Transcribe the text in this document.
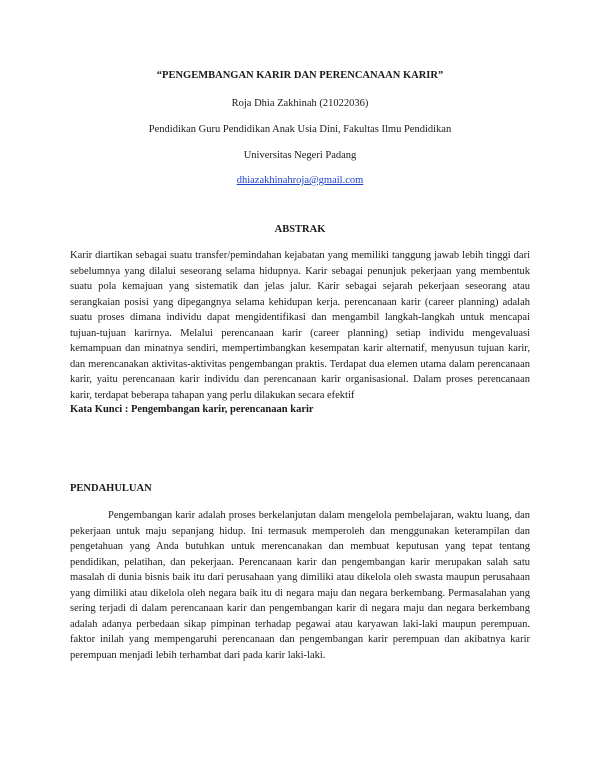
“PENGEMBANGAN KARIR DAN PERENCANAAN KARIR”
Roja Dhia Zakhinah (21022036)
Pendidikan Guru Pendidikan Anak Usia Dini, Fakultas Ilmu Pendidikan
Universitas Negeri Padang
dhiazakhinahroja@gmail.com
ABSTRAK
Karir diartikan sebagai suatu transfer/pemindahan kejabatan yang memiliki tanggung jawab lebih tinggi dari sebelumnya yang dilalui seseorang selama hidupnya. Karir sebagai penunjuk pekerjaan yang membentuk suatu pola kemajuan yang sistematik dan jelas jalur. Karir sebagai sejarah pekerjaan seseorang atau serangkaian posisi yang dipegangnya selama kehidupan kerja. perencanaan karir (career planning) adalah suatu proses dimana individu dapat mengidentifikasi dan mengambil langkah-langkah untuk mencapai tujuan-tujuan karirnya. Melalui perencanaan karir (career planning) setiap individu mengevaluasi kemampuan dan minatnya sendiri, mempertimbangkan kesempatan karir alternatif, menyusun tujuan karir, dan merencanakan aktivitas-aktivitas pengembangan praktis. Terdapat dua elemen utama dalam perencanaan karir, yaitu perencanaan karir individu dan perencanaan karir organisasional. Dalam proses perencanaan karir, terdapat beberapa tahapan yang perlu dilakukan secara efektif
Kata Kunci : Pengembangan karir, perencanaan karir
PENDAHULUAN
Pengembangan karir adalah proses berkelanjutan dalam mengelola pembelajaran, waktu luang, dan pekerjaan untuk maju sepanjang hidup. Ini termasuk memperoleh dan menggunakan keterampilan dan pengetahuan yang Anda butuhkan untuk merencanakan dan membuat keputusan yang tepat tentang pendidikan, pelatihan, dan pekerjaan. Perencanaan karir dan pengembangan karir merupakan salah satu masalah di dunia bisnis baik itu dari perusahaan yang dimiliki atau dikelola oleh swasta maupun perusahaan yang dimiliki atau dikelola oleh negara baik itu di negara maju dan negara berkembang. Permasalahan yang sering terjadi di dalam perencanaan karir dan pengembangan karir di negara maju dan negara berkembang adalah adanya perbedaan sikap pimpinan terhadap pegawai atau karyawan laki-laki maupun perempuan. faktor inilah yang mempengaruhi perencanaan dan pengembangan karir perempuan dan akibatnya karir perempuan menjadi lebih terhambat dari pada karir laki-laki.
